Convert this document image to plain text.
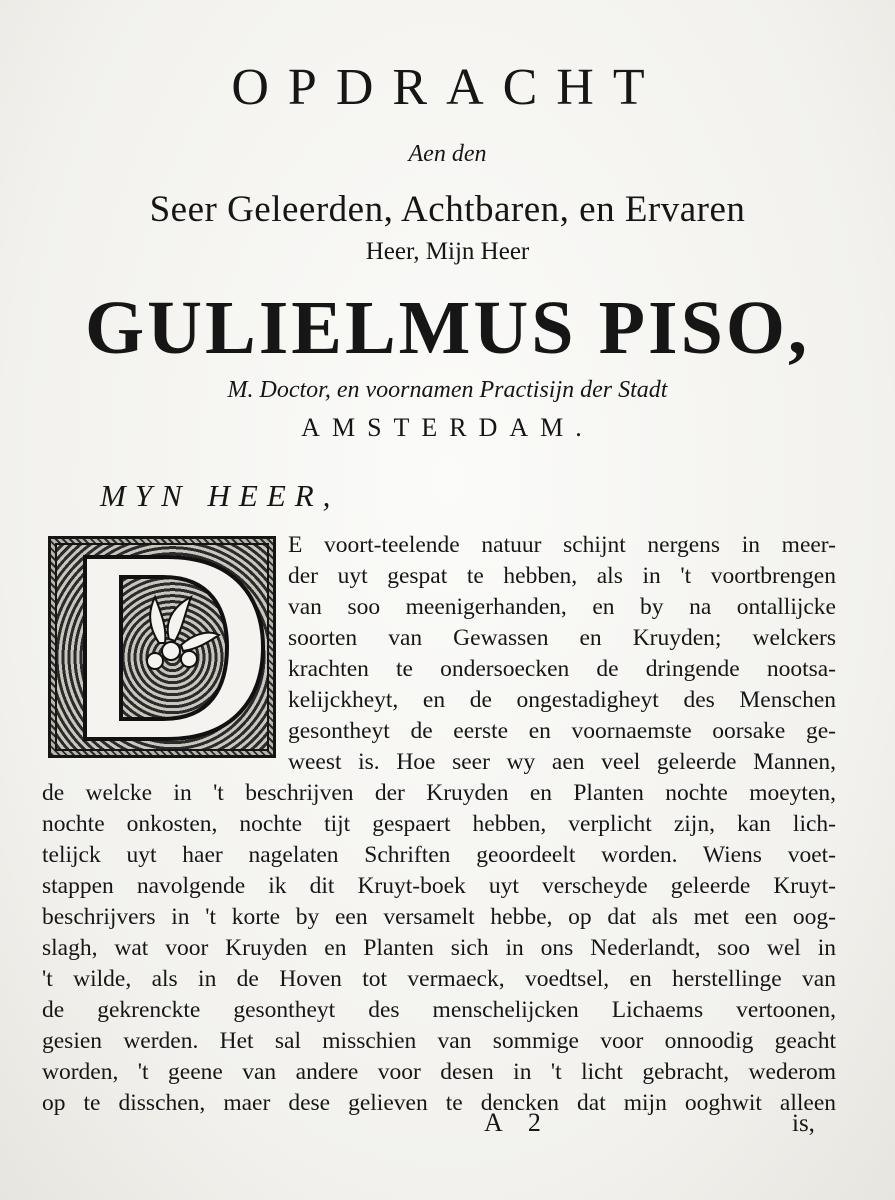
OPDRACHT
Aen den
Seer Geleerden, Achtbaren, en Ervaren
Heer, Mijn Heer
GULIELMUS PISO,
M. Doctor, en voornamen Practisijn der Stadt
AMSTERDAM.
MYN HEER,
E voort-teelende natuur schijnt nergens in meer-
der uyt gespat te hebben, als in 't voortbrengen
van soo meenigerhanden, en by na ontallijcke
soorten van Gewassen en Kruyden; welckers
krachten te ondersoecken de dringende nootsa-
kelijckheyt, en de ongestadigheyt des Menschen
gesontheyt de eerste en voornaemste oorsake ge-
weest is. Hoe seer wy aen veel geleerde Mannen,
de welcke in 't beschrijven der Kruyden en Planten nochte moeyten,
nochte onkosten, nochte tijt gespaert hebben, verplicht zijn, kan lich-
telijck uyt haer nagelaten Schriften geoordeelt worden. Wiens voet-
stappen navolgende ik dit Kruyt-boek uyt verscheyde geleerde Kruyt-
beschrijvers in 't korte by een versamelt hebbe, op dat als met een oog-
slagh, wat voor Kruyden en Planten sich in ons Nederlandt, soo wel in
't wilde, als in de Hoven tot vermaeck, voedtsel, en herstellinge van
de gekrenckte gesontheyt des menschelijcken Lichaems vertoonen,
gesien werden. Het sal misschien van sommige voor onnoodig geacht
worden, 't geene van andere voor desen in 't licht gebracht, wederom
op te disschen, maer dese gelieven te dencken dat mijn ooghwit alleen
A 2	is,
